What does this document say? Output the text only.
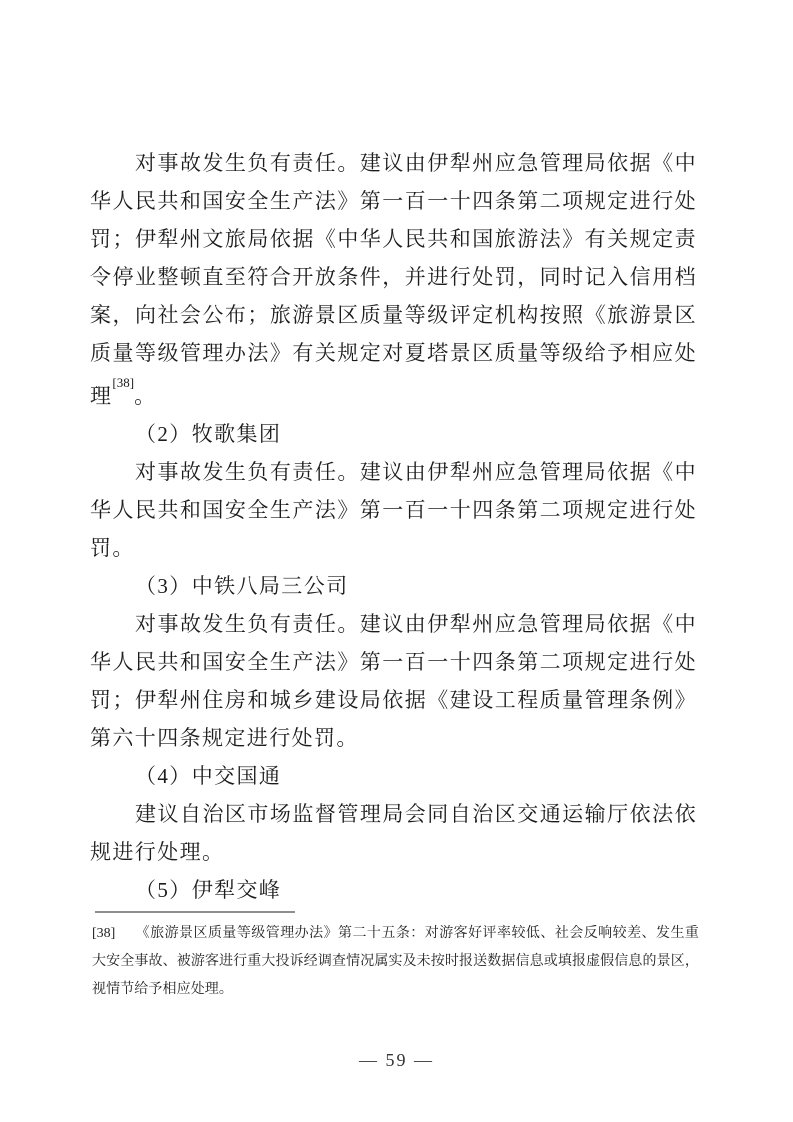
对事故发生负有责任。建议由伊犁州应急管理局依据《中华人民共和国安全生产法》第一百一十四条第二项规定进行处罚；伊犁州文旅局依据《中华人民共和国旅游法》有关规定责令停业整顿直至符合开放条件，并进行处罚，同时记入信用档案，向社会公布；旅游景区质量等级评定机构按照《旅游景区质量等级管理办法》有关规定对夏塔景区质量等级给予相应处理[38]。

（2）牧歌集团

对事故发生负有责任。建议由伊犁州应急管理局依据《中华人民共和国安全生产法》第一百一十四条第二项规定进行处罚。

（3）中铁八局三公司

对事故发生负有责任。建议由伊犁州应急管理局依据《中华人民共和国安全生产法》第一百一十四条第二项规定进行处罚；伊犁州住房和城乡建设局依据《建设工程质量管理条例》第六十四条规定进行处罚。

（4）中交国通

建议自治区市场监督管理局会同自治区交通运输厅依法依规进行处理。

（5）伊犁交峰

[38] 《旅游景区质量等级管理办法》第二十五条：对游客好评率较低、社会反响较差、发生重大安全事故、被游客进行重大投诉经调查情况属实及未按时报送数据信息或填报虚假信息的景区，视情节给予相应处理。

— 59 —
